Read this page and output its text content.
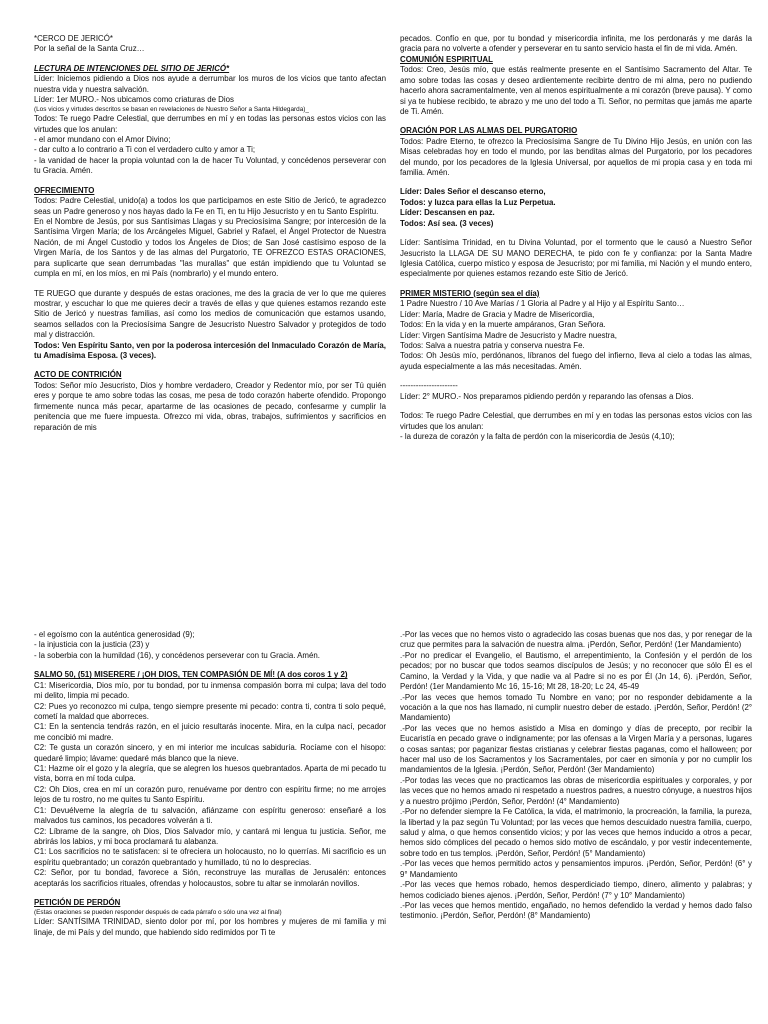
*CERCO DE JERICÓ*

Por la señal de la Santa Cruz…

LECTURA DE INTENCIONES DEL SITIO DE JERICÓ*

Líder: Iniciemos pidiendo a Dios nos ayude a derrumbar los muros de los vicios que tanto afectan nuestra vida y nuestra salvación.

Líder: 1er MURO.- Nos ubicamos como criaturas de Dios

(Los vicios y virtudes descritos se basan en revelaciones de Nuestro Señor a Santa Hildegarda)_

Todos: Te ruego Padre Celestial, que derrumbes en mí y en todas las personas estos vicios con las virtudes que los anulan:

- el amor mundano con el Amor Divino;

- dar culto a lo contrario a Ti con el verdadero culto y amor a Ti;

- la vanidad de hacer la propia voluntad con la de hacer Tu Voluntad, y concédenos perseverar con tu Gracia. Amén.

OFRECIMIENTO

Todos: Padre Celestial, unido(a) a todos los que participamos en este Sitio de Jericó, te agradezco seas un Padre generoso y nos hayas dado la Fe en Ti, en tu Hijo Jesucristo y en tu Santo Espíritu.

En el Nombre de Jesús, por sus Santísimas Llagas y su Preciosísima Sangre; por intercesión de la Santísima Virgen María; de los Arcángeles Miguel, Gabriel y Rafael, el Ángel Protector de Nuestra Nación, de mi Ángel Custodio y todos los Ángeles de Dios; de San José castísimo esposo de la Virgen María, de los Santos y de las almas del Purgatorio, TE OFREZCO ESTAS ORACIONES, para suplicarte que sean derrumbadas "las murallas" que están impidiendo que tu Voluntad se cumpla en mí, en los míos, en mi País (nombrarlo) y el mundo entero.

TE RUEGO que durante y después de estas oraciones, me des la gracia de ver lo que me quieres mostrar, y escuchar lo que me quieres decir a través de ellas y que quienes estamos rezando este Sitio de Jericó y nuestras familias, así como los medios de comunicación que estamos usando, seamos sellados con la Preciosísima Sangre de Jesucristo Nuestro Salvador y protegidos de todo mal y distracción.

Todos: Ven Espíritu Santo, ven por la poderosa intercesión del Inmaculado Corazón de María, tu Amadísima Esposa. (3 veces).

ACTO DE CONTRICIÓN

Todos: Señor mío Jesucristo, Dios y hombre verdadero, Creador y Redentor mío, por ser Tú quién eres y porque te amo sobre todas las cosas, me pesa de todo corazón haberte ofendido. Propongo firmemente nunca más pecar, apartarme de las ocasiones de pecado, confesarme y cumplir la penitencia que me fuere impuesta. Ofrezco mi vida, obras, trabajos, sufrimientos y sacrificios en reparación de mis

pecados. Confío en que, por tu bondad y misericordia infinita, me los perdonarás y me darás la gracia para no volverte a ofender y perseverar en tu santo servicio hasta el fin de mi vida. Amén.

COMUNIÓN ESPIRITUAL

Todos: Creo, Jesús mío, que estás realmente presente en el Santísimo Sacramento del Altar. Te amo sobre todas las cosas y deseo ardientemente recibirte dentro de mi alma, pero no pudiendo hacerlo ahora sacramentalmente, ven al menos espiritualmente a mi corazón (breve pausa). Y como si ya te hubiese recibido, te abrazo y me uno del todo a Ti. Señor, no permitas que jamás me aparte de Ti. Amén.

ORACIÓN POR LAS ALMAS DEL PURGATORIO

Todos: Padre Eterno, te ofrezco la Preciosísima Sangre de Tu Divino Hijo Jesús, en unión con las Misas celebradas hoy en todo el mundo, por las benditas almas del Purgatorio, por los pecadores del mundo, por los pecadores de la Iglesia Universal, por aquellos de mi propia casa y en toda mi familia. Amén.

Líder: Dales Señor el descanso eterno,

Todos: y luzca para ellas la Luz Perpetua.

Líder: Descansen en paz.

Todos: Así sea. (3 veces)

Líder: Santísima Trinidad, en tu Divina Voluntad, por el tormento que le causó a Nuestro Señor Jesucristo la LLAGA DE SU MANO DERECHA, te pido con fe y confianza: por la Santa Madre Iglesia Católica, cuerpo místico y esposa de Jesucristo; por mi familia, mi Nación y el mundo entero, especialmente por quienes estamos rezando este Sitio de Jericó.

PRIMER MISTERIO (según sea el día)

1 Padre Nuestro / 10 Ave Marías / 1 Gloria al Padre y al Hijo y al Espíritu Santo…

Líder: María, Madre de Gracia y Madre de Misericordia,

Todos: En la vida y en la muerte ampáranos, Gran Señora.

Líder: Virgen Santísima Madre de Jesucristo y Madre nuestra,

Todos: Salva a nuestra patria y conserva nuestra Fe.

Todos: Oh Jesús mío, perdónanos, líbranos del fuego del infierno, lleva al cielo a todas las almas, ayuda especialmente a las más necesitadas. Amén.

----------------------

Líder: 2° MURO.- Nos preparamos pidiendo perdón y reparando las ofensas a Dios.

Todos: Te ruego Padre Celestial, que derrumbes en mí y en todas las personas estos vicios con las virtudes que los anulan:

- la dureza de corazón y la falta de perdón con la misericordia de Jesús (4,10);

- el egoísmo con la auténtica generosidad (9);

- la injusticia con la justicia (23) y

- la soberbia con la humildad (16), y concédenos perseverar con tu Gracia. Amén.

SALMO 50, (51) MISERERE / ¡OH DIOS, TEN COMPASIÓN DE MÍ! (A dos coros 1 y 2)

C1: Misericordia, Dios mío, por tu bondad, por tu inmensa compasión borra mi culpa; lava del todo mi delito, limpia mi pecado.

C2: Pues yo reconozco mi culpa, tengo siempre presente mi pecado: contra ti, contra ti solo pequé, cometí la maldad que aborreces.

C1: En la sentencia tendrás razón, en el juicio resultarás inocente. Mira, en la culpa nací, pecador me concibió mi madre.

C2: Te gusta un corazón sincero, y en mi interior me inculcas sabiduría. Rocíame con el hisopo: quedaré limpio; lávame: quedaré más blanco que la nieve.

C1: Hazme oír el gozo y la alegría, que se alegren los huesos quebrantados. Aparta de mi pecado tu vista, borra en mí toda culpa.

C2: Oh Dios, crea en mí un corazón puro, renuévame por dentro con espíritu firme; no me arrojes lejos de tu rostro, no me quites tu Santo Espíritu.

C1: Devuélveme la alegría de tu salvación, afiánzame con espíritu generoso: enseñaré a los malvados tus caminos, los pecadores volverán a ti.

C2: Líbrame de la sangre, oh Dios, Dios Salvador mío, y cantará mi lengua tu justicia. Señor, me abrirás los labios, y mi boca proclamará tu alabanza.

C1: Los sacrificios no te satisfacen: si te ofreciera un holocausto, no lo querrías. Mi sacrificio es un espíritu quebrantado; un corazón quebrantado y humillado, tú no lo desprecias.

C2: Señor, por tu bondad, favorece a Sión, reconstruye las murallas de Jerusalén: entonces aceptarás los sacrificios rituales, ofrendas y holocaustos, sobre tu altar se inmolarán novillos.

PETICIÓN DE PERDÓN

(Estas oraciones se pueden responder después de cada párrafo o sólo una vez al final)

Líder: SANTÍSIMA TRINIDAD, siento dolor por mí, por los hombres y mujeres de mi familia y mi linaje, de mi País y del mundo, que habiendo sido redimidos por Ti te

.-Por las veces que no hemos visto o agradecido las cosas buenas que nos das, y por renegar de la cruz que permites para la salvación de nuestra alma. ¡Perdón, Señor, Perdón! (1er Mandamiento)

.-Por no predicar el Evangelio, el Bautismo, el arrepentimiento, la Confesión y el perdón de los pecados; por no buscar que todos seamos discípulos de Jesús; y no reconocer que sólo Él es el Camino, la Verdad y la Vida, y que nadie va al Padre si no es por Él (Jn 14, 6). ¡Perdón, Señor, Perdón! (1er Mandamiento Mc 16, 15-16; Mt 28, 18-20; Lc 24, 45-49

.-Por las veces que hemos tomado Tu Nombre en vano; por no responder debidamente a la vocación a la que nos has llamado, ni cumplir nuestro deber de estado. ¡Perdón, Señor, Perdón! (2° Mandamiento)

.-Por las veces que no hemos asistido a Misa en domingo y días de precepto, por recibir la Eucaristía en pecado grave o indignamente; por las ofensas a la Virgen María y a personas, lugares o cosas santas; por paganizar fiestas cristianas y celebrar fiestas paganas, como el halloween; por hacer mal uso de los Sacramentos y los Sacramentales, por caer en simonía y por no cumplir los mandamientos de la Iglesia. ¡Perdón, Señor, Perdón! (3er Mandamiento)

.-Por todas las veces que no practicamos las obras de misericordia espirituales y corporales, y por las veces que no hemos amado ni respetado a nuestros padres, a nuestro cónyuge, a nuestros hijos y a nuestro prójimo ¡Perdón, Señor, Perdón! (4° Mandamiento)

.-Por no defender siempre la Fe Católica, la vida, el matrimonio, la procreación, la familia, la pureza, la libertad y la paz según Tu Voluntad; por las veces que hemos descuidado nuestra familia, cuerpo, salud y alma, o que hemos consentido vicios; y por las veces que hemos inducido a otros a pecar, hemos sido cómplices del pecado o hemos sido motivo de escándalo, y por vestir indecentemente, sobre todo en tus templos. ¡Perdón, Señor, Perdón! (5° Mandamiento)

.-Por las veces que hemos permitido actos y pensamientos impuros. ¡Perdón, Señor, Perdón! (6° y 9° Mandamiento

.-Por las veces que hemos robado, hemos desperdiciado tiempo, dinero, alimento y palabras; y hemos codiciado bienes ajenos. ¡Perdón, Señor, Perdón! (7° y 10° Mandamiento)

.-Por las veces que hemos mentido, engañado, no hemos defendido la verdad y hemos dado falso testimonio. ¡Perdón, Señor, Perdón! (8° Mandamiento)
